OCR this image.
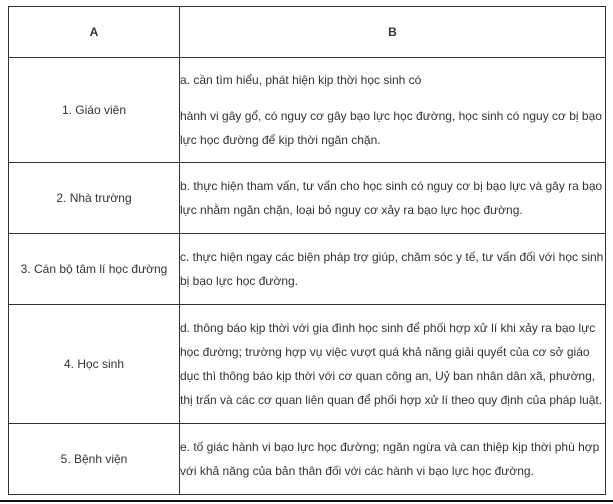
A	B
1. Giáo viên	a. cần tìm hiểu, phát hiện kịp thời học sinh có

hành vi gây gổ, có nguy cơ gây bạo lực học đường, học sinh có nguy cơ bị bạo lực học đường để kịp thời ngăn chặn.

2. Nhà trường	b. thực hiện tham vấn, tư vấn cho học sinh có nguy cơ bị bạo lực và gây ra bạo lực nhằm ngăn chặn, loại bỏ nguy cơ xảy ra bạo lực học đường.

3. Cán bộ tâm lí học đường	c. thực hiện ngay các biện pháp trợ giúp, chăm sóc y tế, tư vấn đối với học sinh bị bạo lực học đường.

4. Học sinh	d. thông báo kịp thời với gia đình học sinh để phối hợp xử lí khi xảy ra bạo lực học đường; trường hợp vụ việc vượt quá khả năng giải quyết của cơ sở giáo dục thì thông báo kịp thời với cơ quan công an, Uỷ ban nhân dân xã, phường, thị trấn và các cơ quan liên quan để phối hợp xử lí theo quy định của pháp luật.

5. Bệnh viện	e. tố giác hành vi bạo lực học đường; ngăn ngừa và can thiệp kịp thời phù hợp với khả năng của bản thân đối với các hành vi bạo lực học đường.
